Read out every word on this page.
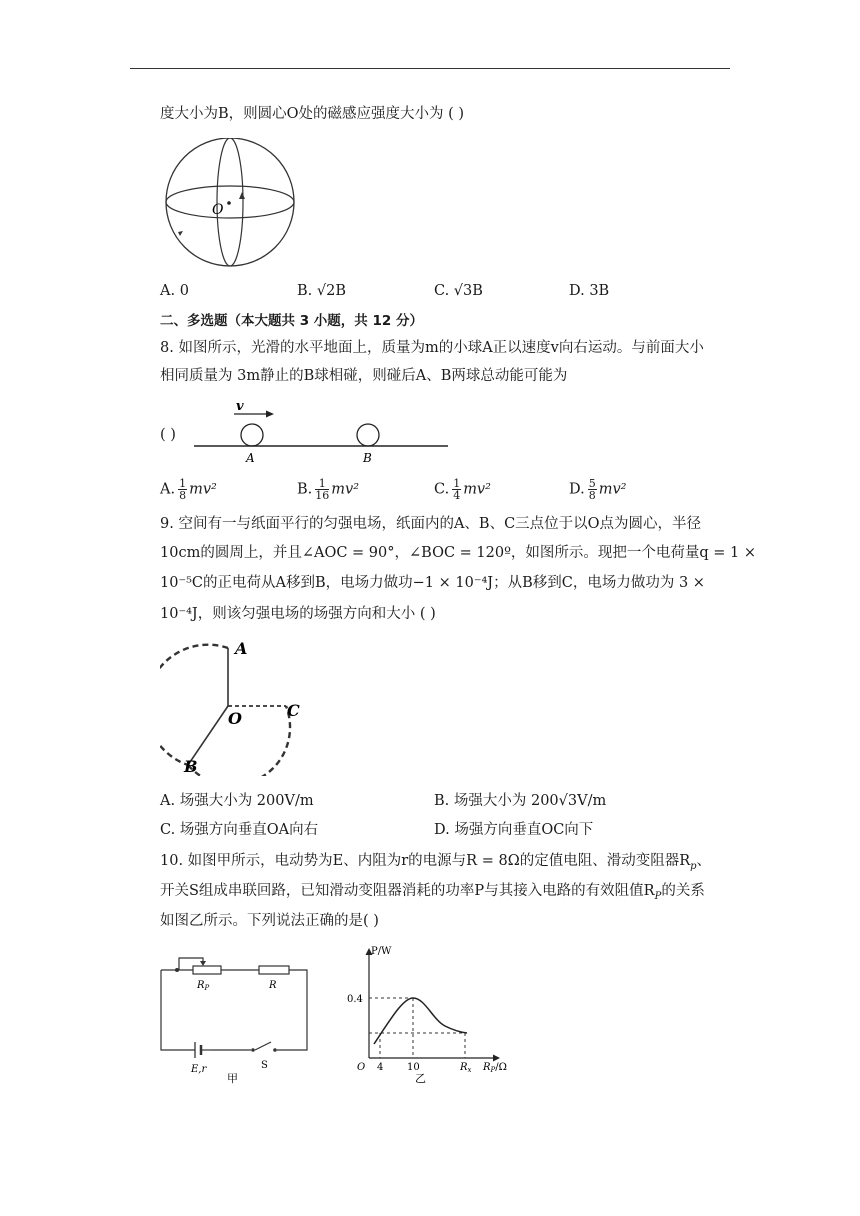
度大小为B，则圆心O处的磁感应强度大小为 ( )
O
A. 0	B. √2B	C. √3B	D. 3B
二、多选题（本大题共 3 小题，共 12 分）
8. 如图所示，光滑的水平地面上，质量为m的小球A正以速度v向右运动。与前面大小
相同质量为 3m静止的B球相碰，则碰后A、B两球总动能可能为
( )
v
A	B
A. $\frac{1}{8} mv^2$	B. $\frac{1}{16} mv^2$	C. $\frac{1}{4} mv^2$	D. $\frac{5}{8} mv^2$
9. 空间有一与纸面平行的匀强电场，纸面内的A、B、C三点位于以O点为圆心，半径
10cm的圆周上，并且∠AOC = 90°，∠BOC = 120º，如图所示。现把一个电荷量q = 1 ×
10⁻⁵C的正电荷从A移到B，电场力做功−1 × 10⁻⁴J；从B移到C，电场力做功为 3 ×
10⁻⁴J，则该匀强电场的场强方向和大小 ( )
A
O	C
B
A. 场强大小为 200V/m	B. 场强大小为 200√3V/m
C. 场强方向垂直OA向右	D. 场强方向垂直OC向下
10. 如图甲所示，电动势为E、内阻为r的电源与R = 8Ω的定值电阻、滑动变阻器$R_p$、
开关S组成串联回路，已知滑动变阻器消耗的功率P与其接入电路的有效阻值$R_P$的关系
如图乙所示。下列说法正确的是( )
$R_P$	R
E,r	S
甲
P/W
0.4
O 4 10	$R_x$ $R_P/\Omega$
乙
